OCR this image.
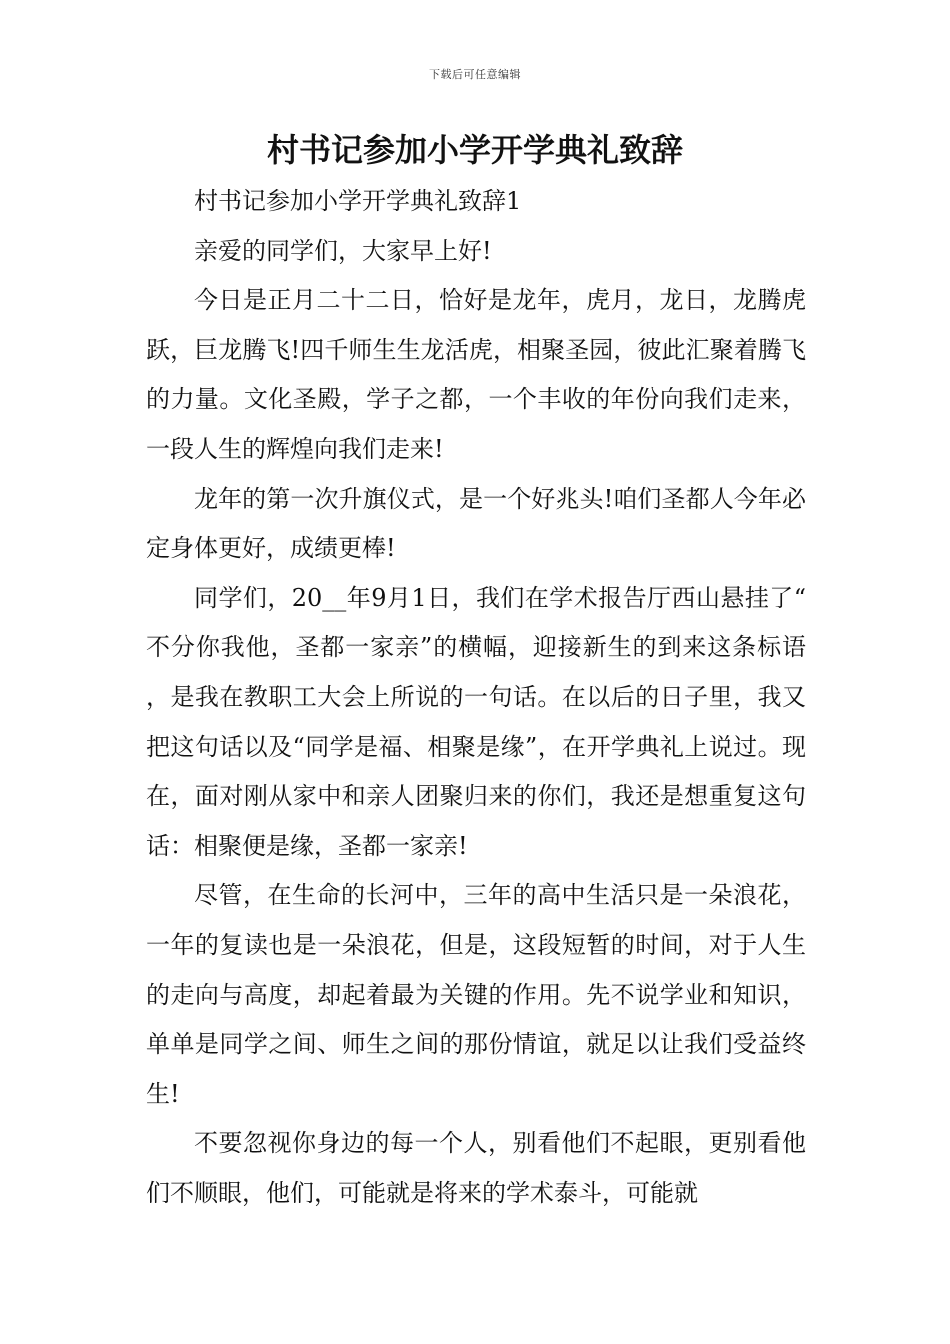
下载后可任意编辑
村书记参加小学开学典礼致辞

村书记参加小学开学典礼致辞1

亲爱的同学们，大家早上好!

今日是正月二十二日，恰好是龙年，虎月，龙日，龙腾虎跃，巨龙腾飞!四千师生生龙活虎，相聚圣园，彼此汇聚着腾飞的力量。文化圣殿，学子之都，一个丰收的年份向我们走来，一段人生的辉煌向我们走来!

龙年的第一次升旗仪式，是一个好兆头!咱们圣都人今年必定身体更好，成绩更棒!

同学们，20__年9月1日，我们在学术报告厅西山悬挂了“不分你我他，圣都一家亲”的横幅，迎接新生的到来这条标语，是我在教职工大会上所说的一句话。在以后的日子里，我又把这句话以及“同学是福、相聚是缘”，在开学典礼上说过。现在，面对刚从家中和亲人团聚归来的你们，我还是想重复这句话：相聚便是缘，圣都一家亲!

尽管，在生命的长河中，三年的高中生活只是一朵浪花，一年的复读也是一朵浪花，但是，这段短暂的时间，对于人生的走向与高度，却起着最为关键的作用。先不说学业和知识，单单是同学之间、师生之间的那份情谊，就足以让我们受益终生!

不要忽视你身边的每一个人，别看他们不起眼，更别看他们不顺眼，他们，可能就是将来的学术泰斗，可能就
